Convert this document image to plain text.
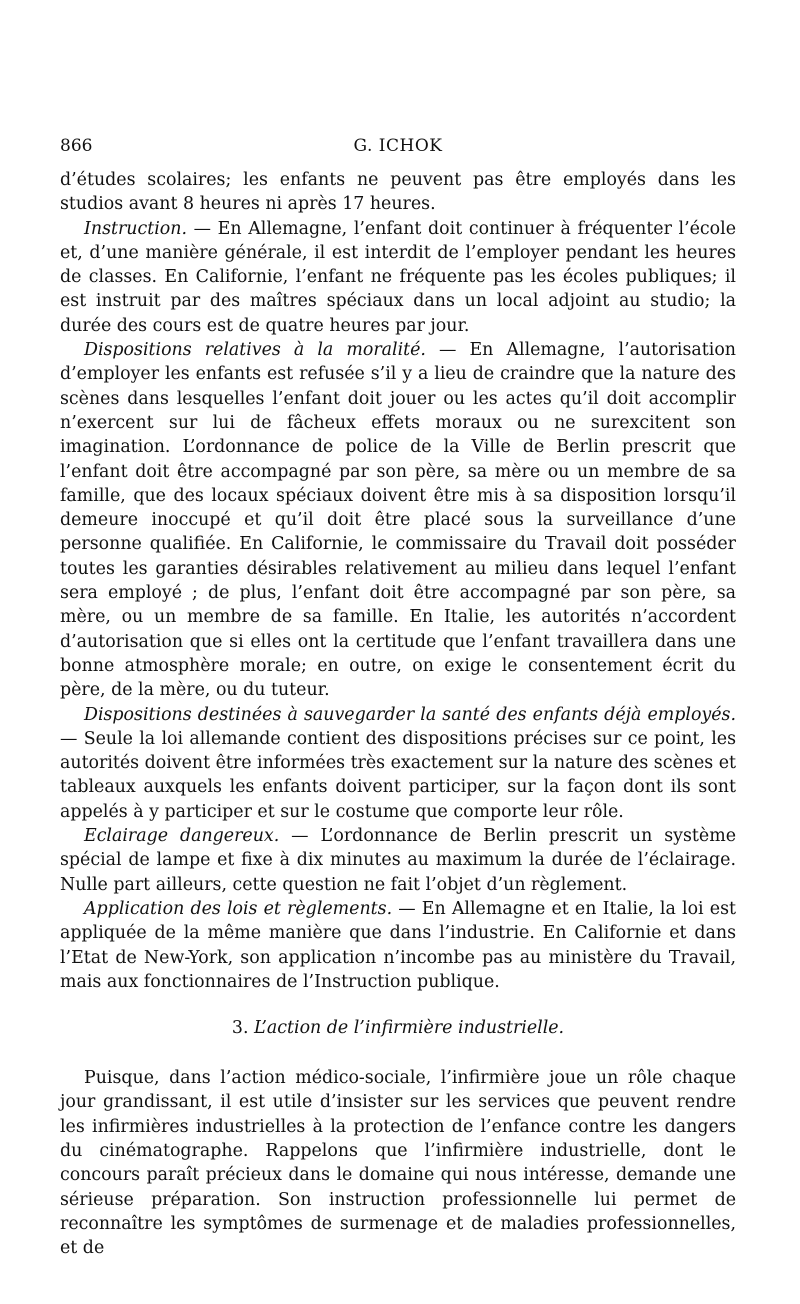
866	G. ICHOK

d’études scolaires; les enfants ne peuvent pas être employés dans les studios avant 8 heures ni après 17 heures.

Instruction. — En Allemagne, l’enfant doit continuer à fréquenter l’école et, d’une manière générale, il est interdit de l’employer pendant les heures de classes. En Californie, l’enfant ne fréquente pas les écoles publiques; il est instruit par des maîtres spéciaux dans un local adjoint au studio; la durée des cours est de quatre heures par jour.

Dispositions relatives à la moralité. — En Allemagne, l’autorisation d’employer les enfants est refusée s’il y a lieu de craindre que la nature des scènes dans lesquelles l’enfant doit jouer ou les actes qu’il doit accomplir n’exercent sur lui de fâcheux effets moraux ou ne surexcitent son imagination. L’ordonnance de police de la Ville de Berlin prescrit que l’enfant doit être accompagné par son père, sa mère ou un membre de sa famille, que des locaux spéciaux doivent être mis à sa disposition lorsqu’il demeure inoccupé et qu’il doit être placé sous la surveillance d’une personne qualifiée. En Californie, le commissaire du Travail doit posséder toutes les garanties désirables relativement au milieu dans lequel l’enfant sera employé ; de plus, l’enfant doit être accompagné par son père, sa mère, ou un membre de sa famille. En Italie, les autorités n’accordent d’autorisation que si elles ont la certitude que l’enfant travaillera dans une bonne atmosphère morale; en outre, on exige le consentement écrit du père, de la mère, ou du tuteur.

Dispositions destinées à sauvegarder la santé des enfants déjà employés. — Seule la loi allemande contient des dispositions précises sur ce point, les autorités doivent être informées très exactement sur la nature des scènes et tableaux auxquels les enfants doivent participer, sur la façon dont ils sont appelés à y participer et sur le costume que comporte leur rôle.

Eclairage dangereux. — L’ordonnance de Berlin prescrit un système spécial de lampe et fixe à dix minutes au maximum la durée de l’éclairage. Nulle part ailleurs, cette question ne fait l’objet d’un règlement.

Application des lois et règlements. — En Allemagne et en Italie, la loi est appliquée de la même manière que dans l’industrie. En Californie et dans l’Etat de New-York, son application n’incombe pas au ministère du Travail, mais aux fonctionnaires de l’Instruction publique.

3. L’action de l’infirmière industrielle.

Puisque, dans l’action médico-sociale, l’infirmière joue un rôle chaque jour grandissant, il est utile d’insister sur les services que peuvent rendre les infirmières industrielles à la protection de l’enfance contre les dangers du cinématographe. Rappelons que l’infirmière industrielle, dont le concours paraît précieux dans le domaine qui nous intéresse, demande une sérieuse préparation. Son instruction professionnelle lui permet de reconnaître les symptômes de surmenage et de maladies professionnelles, et de
